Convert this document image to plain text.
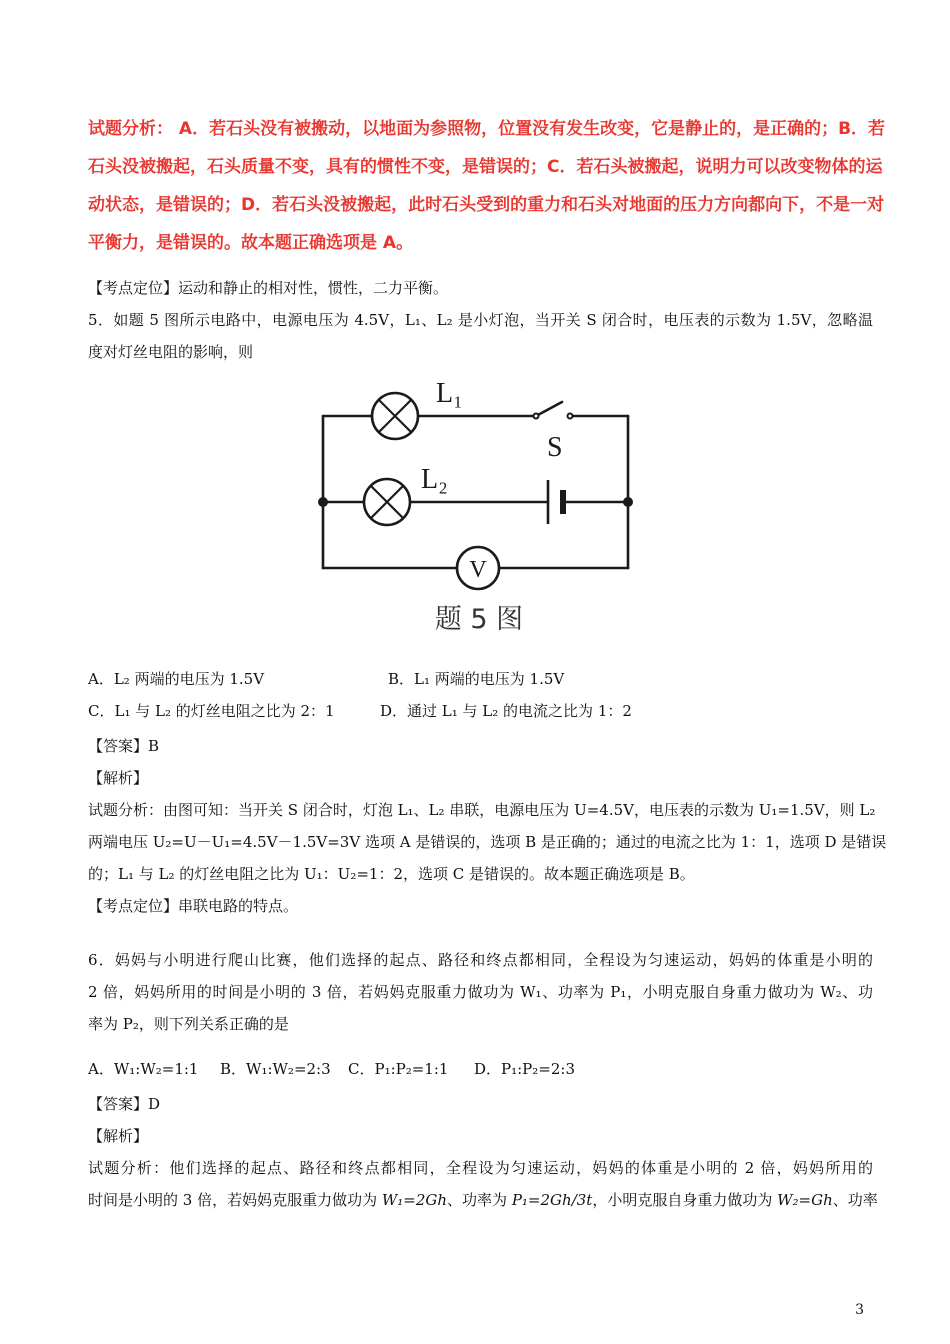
试题分析： A．若石头没有被搬动，以地面为参照物，位置没有发生改变，它是静止的，是正确的；B．若
石头没被搬起，石头质量不变，具有的惯性不变，是错误的；C．若石头被搬起，说明力可以改变物体的运
动状态，是错误的；D．若石头没被搬起，此时石头受到的重力和石头对地面的压力方向都向下，不是一对
平衡力，是错误的。故本题正确选项是 A。
【考点定位】运动和静止的相对性，惯性，二力平衡。
5．如题 5 图所示电路中，电源电压为 4.5V，L₁、L₂ 是小灯泡，当开关 S 闭合时，电压表的示数为 1.5V，忽略温
度对灯丝电阻的影响，则
V
L₁
S
L₂
题 5 图
A．L₂ 两端的电压为 1.5V	B．L₁ 两端的电压为 1.5V
C．L₁ 与 L₂ 的灯丝电阻之比为 2：1	D．通过 L₁ 与 L₂ 的电流之比为 1：2
【答案】B
【解析】
试题分析：由图可知：当开关 S 闭合时，灯泡 L₁、L₂ 串联，电源电压为 U=4.5V，电压表的示数为 U₁=1.5V，则 L₂
两端电压 U₂=U－U₁=4.5V－1.5V=3V 选项 A 是错误的，选项 B 是正确的；通过的电流之比为 1：1，选项 D 是错误
的；L₁ 与 L₂ 的灯丝电阻之比为 U₁：U₂=1：2，选项 C 是错误的。故本题正确选项是 B。
【考点定位】串联电路的特点。
6．妈妈与小明进行爬山比赛，他们选择的起点、路径和终点都相同，全程设为匀速运动，妈妈的体重是小明的
2 倍，妈妈所用的时间是小明的 3 倍，若妈妈克服重力做功为 W₁、功率为 P₁，小明克服自身重力做功为 W₂、功
率为 P₂，则下列关系正确的是
A．W₁:W₂=1:1 B．W₁:W₂=2:3 C．P₁:P₂=1:1 D．P₁:P₂=2:3
【答案】D
【解析】
试题分析：他们选择的起点、路径和终点都相同，全程设为匀速运动，妈妈的体重是小明的 2 倍，妈妈所用的
时间是小明的 3 倍，若妈妈克服重力做功为 W₁=2Gh、功率为 P₁=2Gh/3t，小明克服自身重力做功为 W₂=Gh、功率
3
